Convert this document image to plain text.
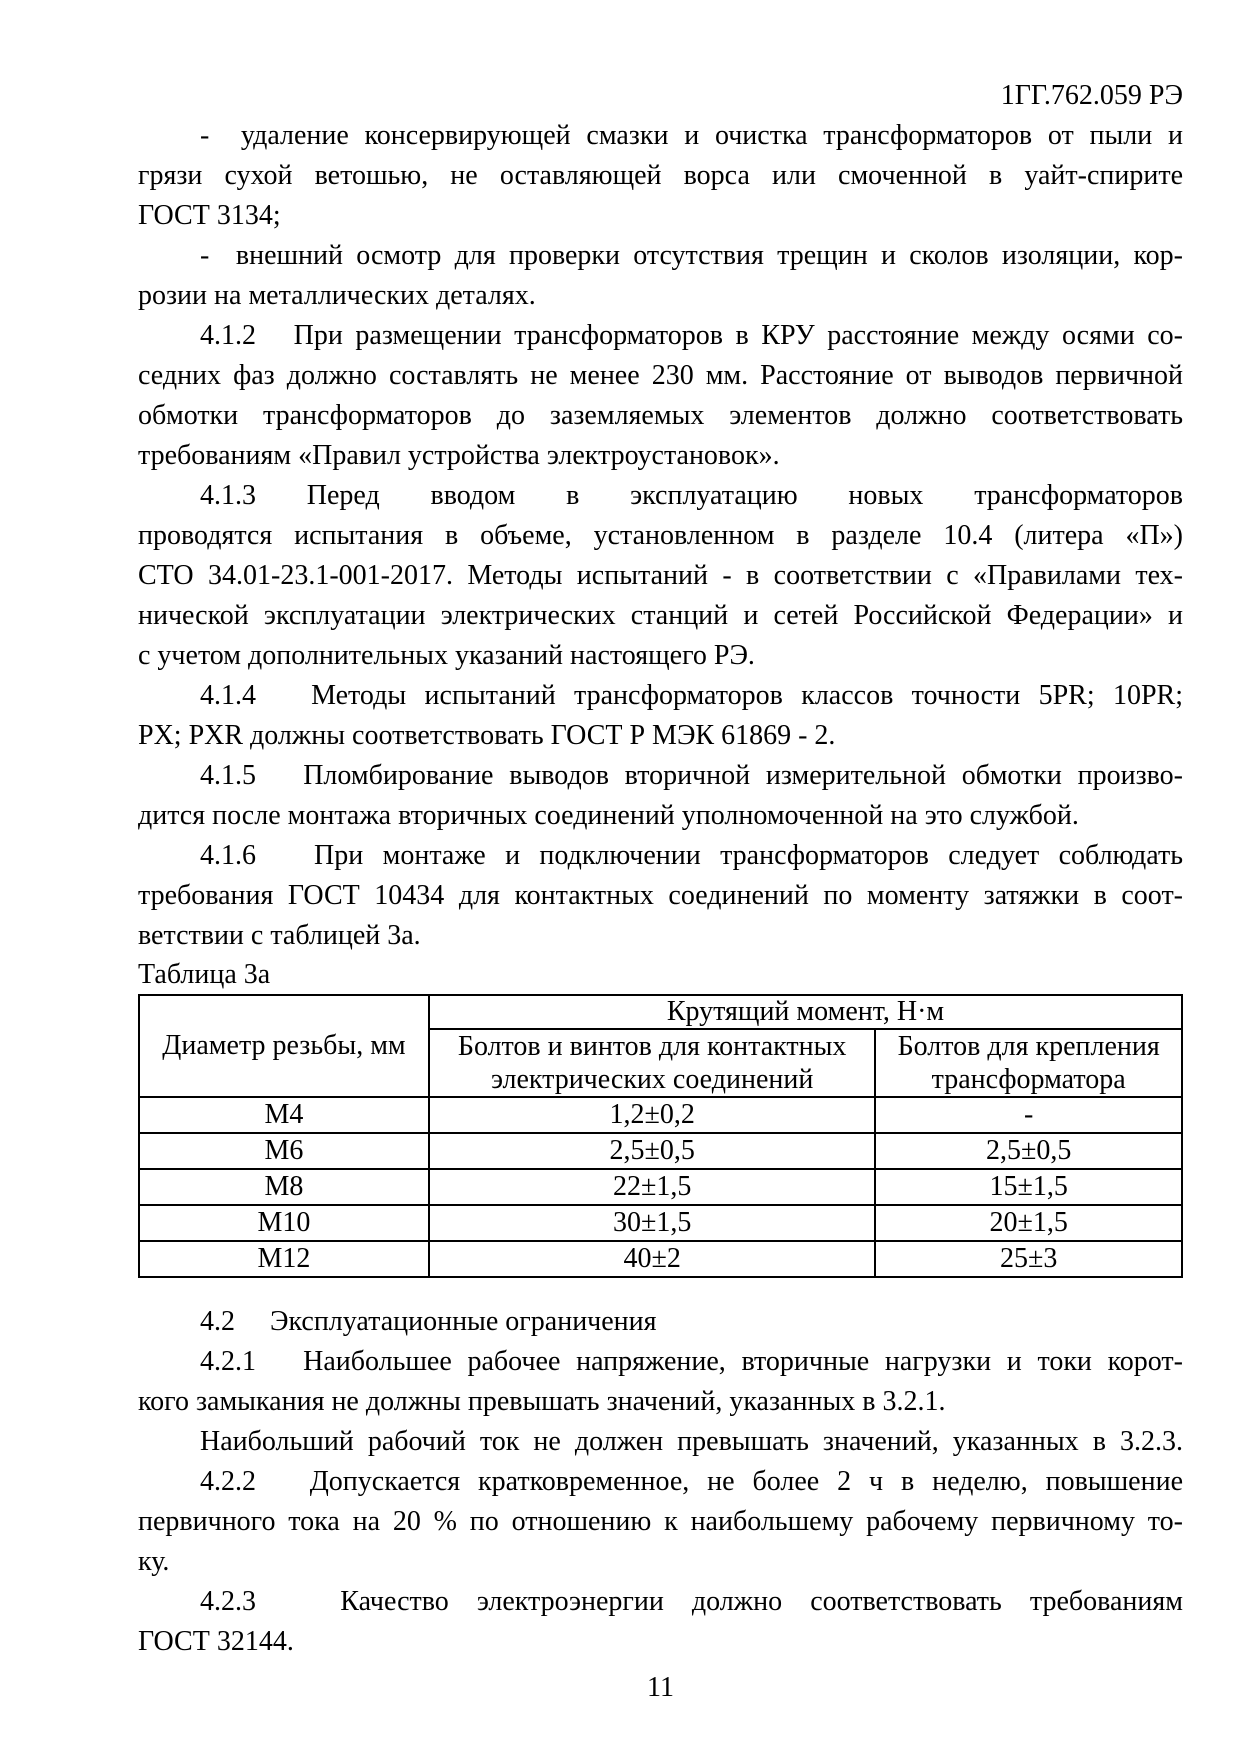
1ГГ.762.059 РЭ
-  удаление консервирующей смазки и очистка трансформаторов от пыли и
грязи сухой ветошью, не оставляющей ворса или смоченной в уайт-спирите
ГОСТ 3134;
-  внешний осмотр для проверки отсутствия трещин и сколов изоляции, кор-
розии на металлических деталях.
4.1.2   При размещении трансформаторов в КРУ расстояние между осями со-
седних фаз должно составлять не менее 230 мм. Расстояние от выводов первичной
обмотки трансформаторов до заземляемых элементов должно соответствовать
требованиям «Правил устройства электроустановок».
4.1.3 Перед вводом в эксплуатацию новых трансформаторов
проводятся испытания в объеме, установленном в разделе 10.4 (литера «П»)
СТО 34.01-23.1-001-2017. Методы испытаний - в соответствии с «Правилами тех-
нической эксплуатации электрических станций и сетей Российской Федерации» и
с учетом дополнительных указаний настоящего РЭ.
4.1.4   Методы испытаний трансформаторов классов точности 5PR; 10PR;
PX; PXR должны соответствовать ГОСТ Р МЭК 61869 - 2.
4.1.5   Пломбирование выводов вторичной измерительной обмотки произво-
дится после монтажа вторичных соединений уполномоченной на это службой.
4.1.6   При монтаже и подключении трансформаторов следует соблюдать
требования ГОСТ 10434 для контактных соединений по моменту затяжки в соот-
ветствии с таблицей 3а.
Таблица 3а
Диаметр резьбы, мм	Крутящий момент, Н·м	
	Болтов и винтов для контактных электрических соединений	Болтов для крепления трансформатора
М4	1,2±0,2	-
М6	2,5±0,5	2,5±0,5
М8	22±1,5	15±1,5
М10	30±1,5	20±1,5
М12	40±2	25±3
4.2     Эксплуатационные ограничения
4.2.1   Наибольшее рабочее напряжение, вторичные нагрузки и токи корот-
кого замыкания не должны превышать значений, указанных в 3.2.1.
Наибольший рабочий ток не должен превышать значений, указанных в 3.2.3.
4.2.2   Допускается кратковременное, не более 2 ч в неделю, повышение
первичного тока на 20 % по отношению к наибольшему рабочему первичному то-
ку.
4.2.3   Качество электроэнергии должно соответствовать требованиям
ГОСТ 32144.
11
